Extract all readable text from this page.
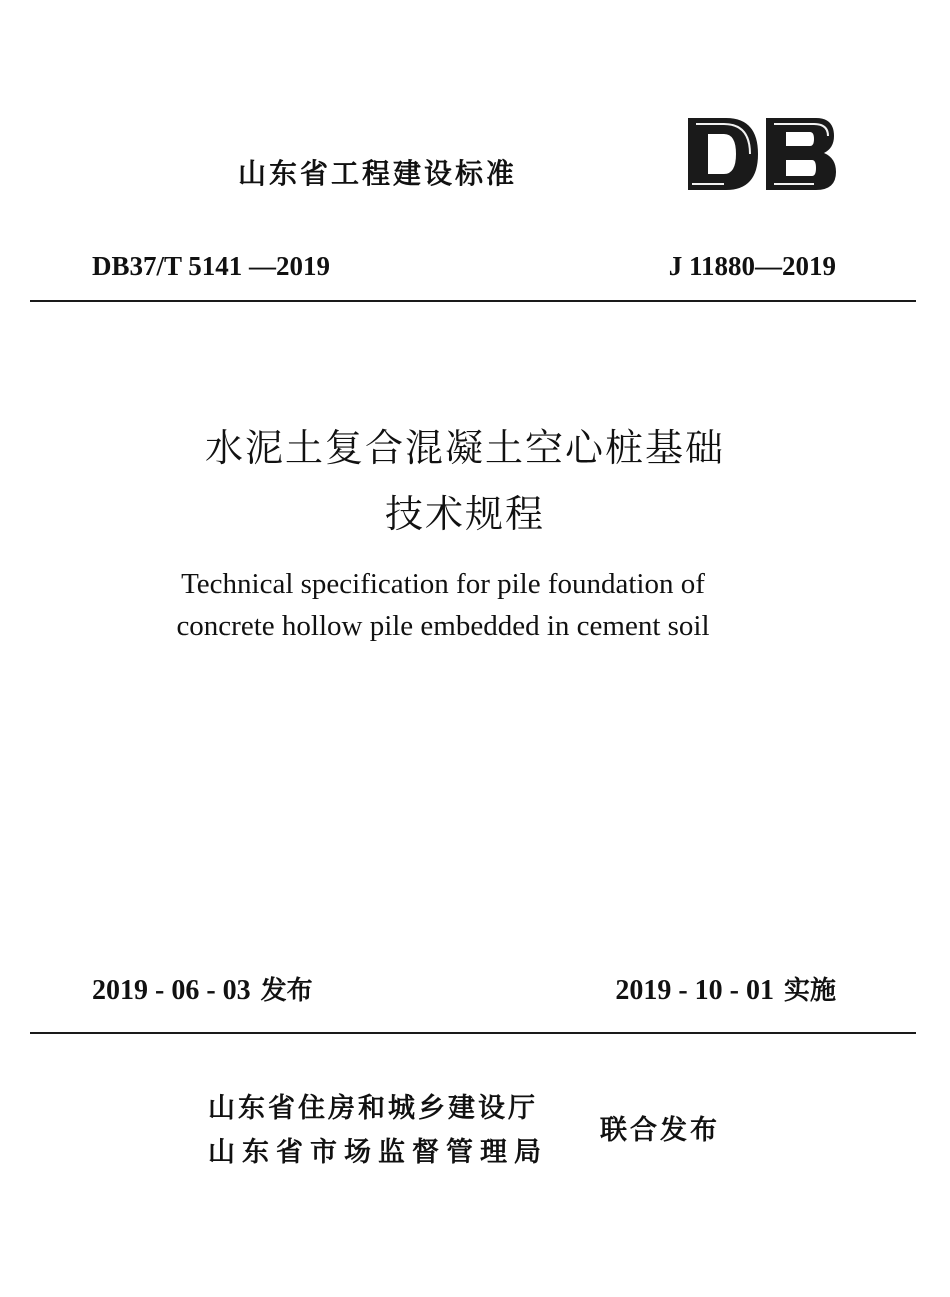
山东省工程建设标准
DB37/T 5141 —2019	J 11880—2019
水泥土复合混凝土空心桩基础
技术规程
Technical specification for pile foundation of
concrete hollow pile embedded in cement soil
2019 - 06 - 03 发布	2019 - 10 - 01 实施
山东省住房和城乡建设厅
山东省市场监督管理局
联合发布
